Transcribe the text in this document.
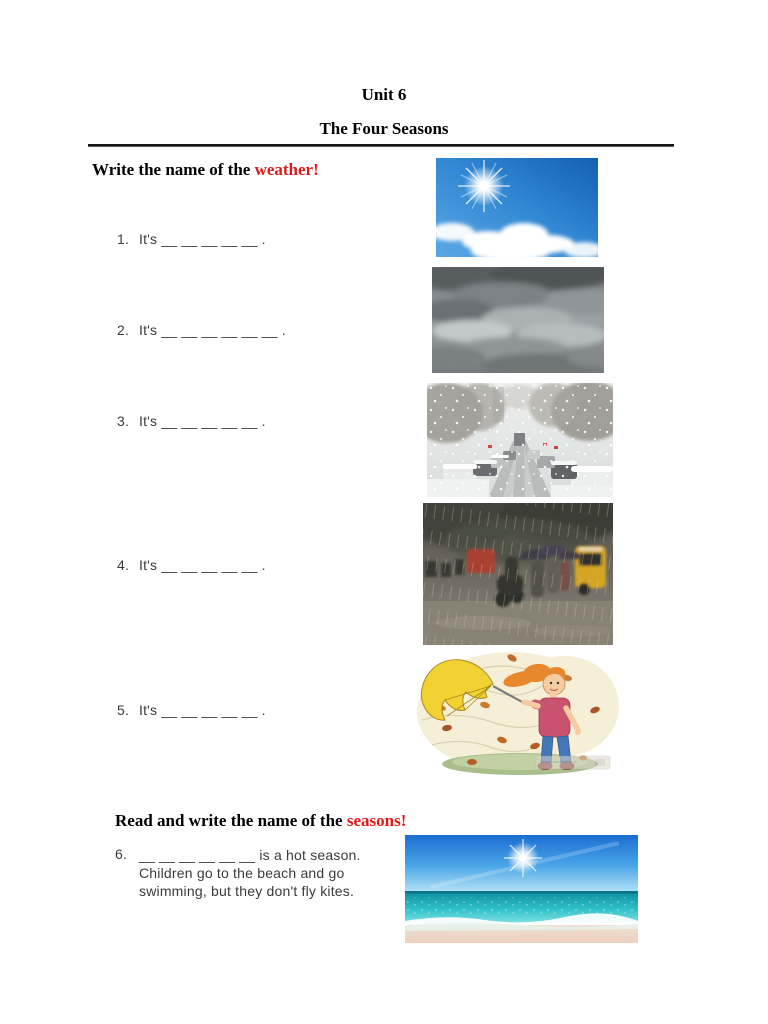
Unit 6
The Four Seasons
Write the name of the weather!
1. It's __ __ __ __ __ .
2. It's __ __ __ __ __ __ .
3. It's __ __ __ __ __ .
4. It's __ __ __ __ __ .
5. It's __ __ __ __ __ .
Read and write the name of the seasons!
6. __ __ __ __ __ __ is a hot season.
Children go to the beach and go
swimming, but they don't fly kites.
